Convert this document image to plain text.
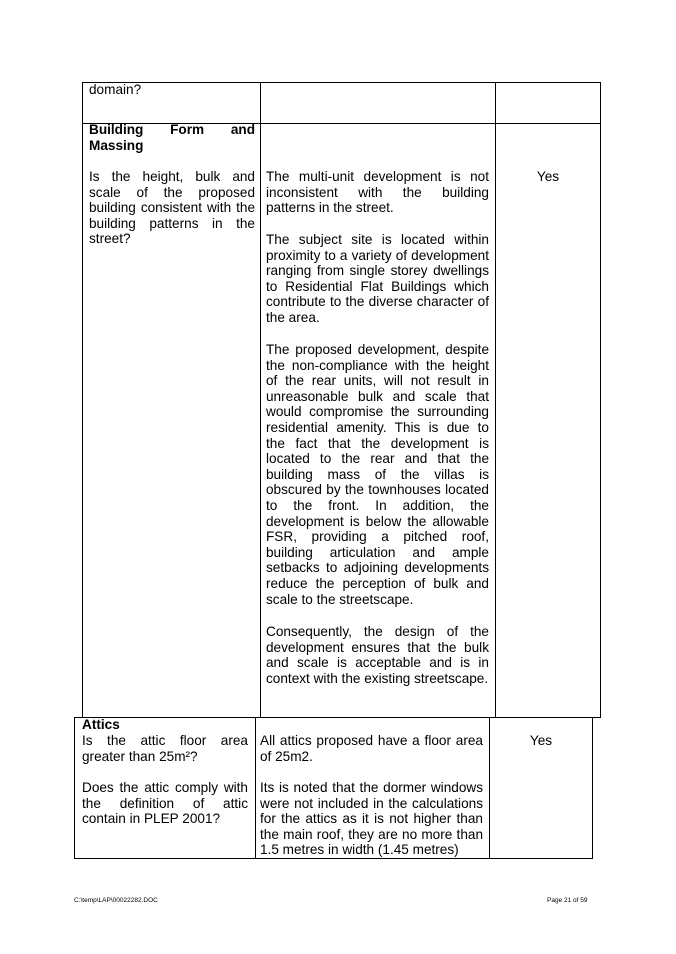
domain?
Building Form and
Massing
Is the height, bulk and scale of the proposed building consistent with the building patterns in the street?
The multi-unit development is not inconsistent with the building patterns in the street.
The subject site is located within proximity to a variety of development ranging from single storey dwellings to Residential Flat Buildings which contribute to the diverse character of the area.
The proposed development, despite the non-compliance with the height of the rear units, will not result in unreasonable bulk and scale that would compromise the surrounding residential amenity. This is due to the fact that the development is located to the rear and that the building mass of the villas is obscured by the townhouses located to the front. In addition, the development is below the allowable FSR, providing a pitched roof, building articulation and ample setbacks to adjoining developments reduce the perception of bulk and scale to the streetscape.
Consequently, the design of the development ensures that the bulk and scale is acceptable and is in context with the existing streetscape.
Yes
Attics
Is the attic floor area greater than 25m²?
Does the attic comply with the definition of attic contain in PLEP 2001?
All attics proposed have a floor area of 25m2.
Its is noted that the dormer windows were not included in the calculations for the attics as it is not higher than the main roof, they are no more than 1.5 metres in width (1.45 metres)
Yes
C:\temp\LAP\00022282.DOC	Page 21 of 59
